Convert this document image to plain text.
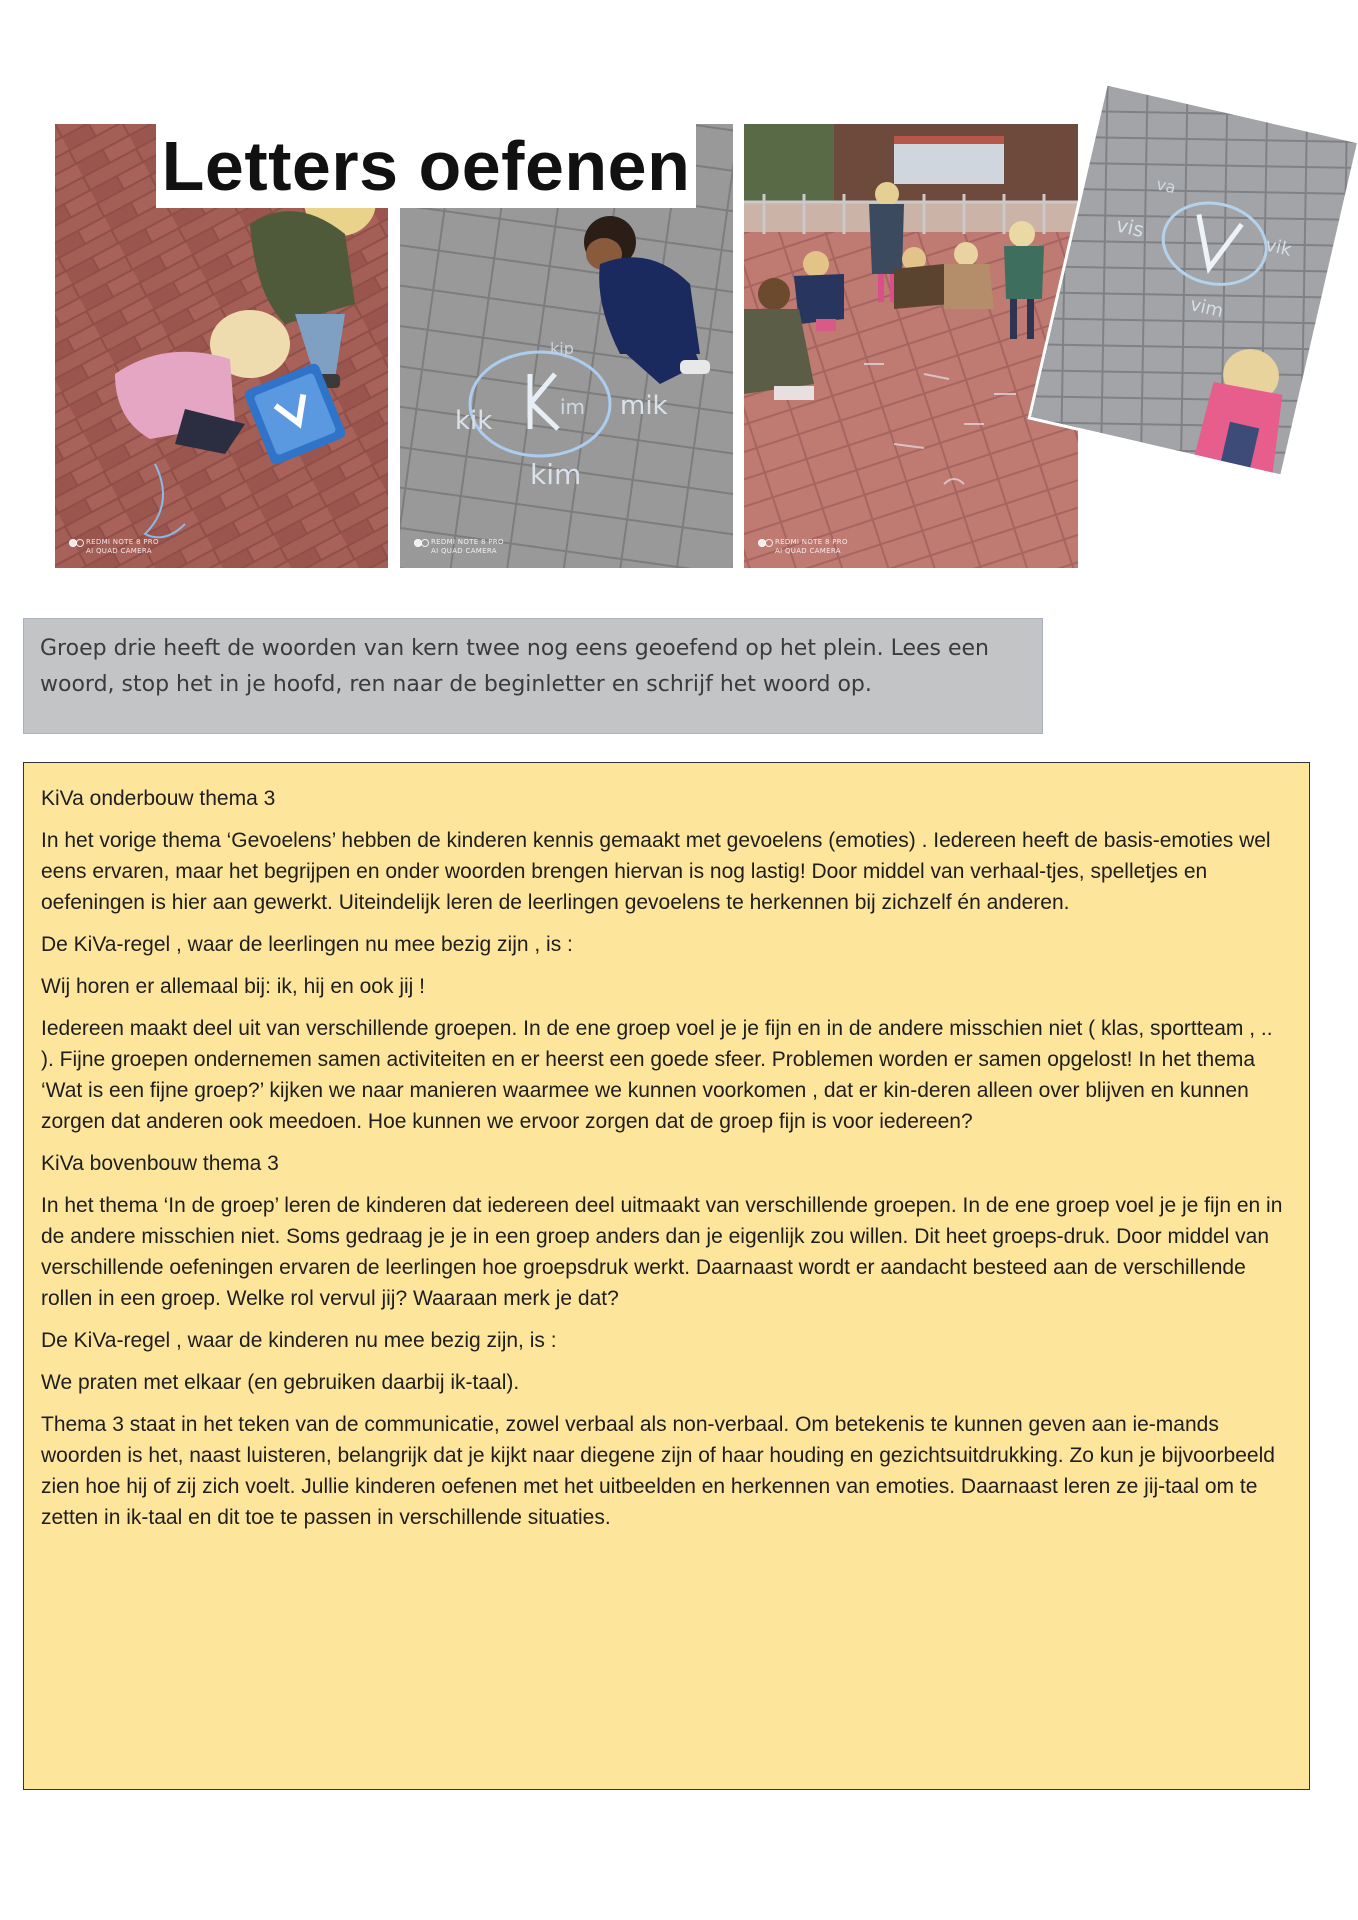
REDMI NOTE 8 PRO
AI QUAD CAMERA
kik	mik
im
kim
kip
REDMI NOTE 8 PRO
AI QUAD CAMERA
REDMI NOTE 8 PRO
AI QUAD CAMERA
Letters oefenen
vis
vik
vim
va
Groep drie heeft de woorden van kern twee nog eens geoefend op het plein. Lees een woord, stop het in je hoofd, ren naar de beginletter en schrijf het woord op.

KiVa onderbouw thema 3

In het vorige thema ‘Gevoelens’ hebben de kinderen kennis gemaakt met gevoelens (emoties) . Iedereen heeft de basis-emoties wel eens ervaren, maar het begrijpen en onder woorden brengen hiervan is nog lastig! Door middel van verhaal-tjes, spelletjes en oefeningen is hier aan gewerkt. Uiteindelijk leren de leerlingen gevoelens te herkennen bij zichzelf én anderen.

De KiVa-regel , waar de leerlingen nu mee bezig zijn , is :

Wij horen er allemaal bij: ik, hij en ook jij !

Iedereen maakt deel uit van verschillende groepen. In de ene groep voel je je fijn en in de andere misschien niet ( klas, sportteam , .. ). Fijne groepen ondernemen samen activiteiten en er heerst een goede sfeer. Problemen worden er samen opgelost! In het thema ‘Wat is een fijne groep?’ kijken we naar manieren waarmee we kunnen voorkomen , dat er kin-deren alleen over blijven en kunnen zorgen dat anderen ook meedoen. Hoe kunnen we ervoor zorgen dat de groep fijn is voor iedereen?

KiVa bovenbouw thema 3

In het thema ‘In de groep’ leren de kinderen dat iedereen deel uitmaakt van verschillende groepen. In de ene groep voel je je fijn en in de andere misschien niet. Soms gedraag je je in een groep anders dan je eigenlijk zou willen. Dit heet groeps-druk. Door middel van verschillende oefeningen ervaren de leerlingen hoe groepsdruk werkt. Daarnaast wordt er aandacht besteed aan de verschillende rollen in een groep. Welke rol vervul jij? Waaraan merk je dat?

De KiVa-regel , waar de kinderen nu mee bezig zijn, is :

We praten met elkaar (en gebruiken daarbij ik-taal).

Thema 3 staat in het teken van de communicatie, zowel verbaal als non-verbaal. Om betekenis te kunnen geven aan ie-mands woorden is het, naast luisteren, belangrijk dat je kijkt naar diegene zijn of haar houding en gezichtsuitdrukking. Zo kun je bijvoorbeeld zien hoe hij of zij zich voelt. Jullie kinderen oefenen met het uitbeelden en herkennen van emoties. Daarnaast leren ze jij-taal om te zetten in ik-taal en dit toe te passen in verschillende situaties.
